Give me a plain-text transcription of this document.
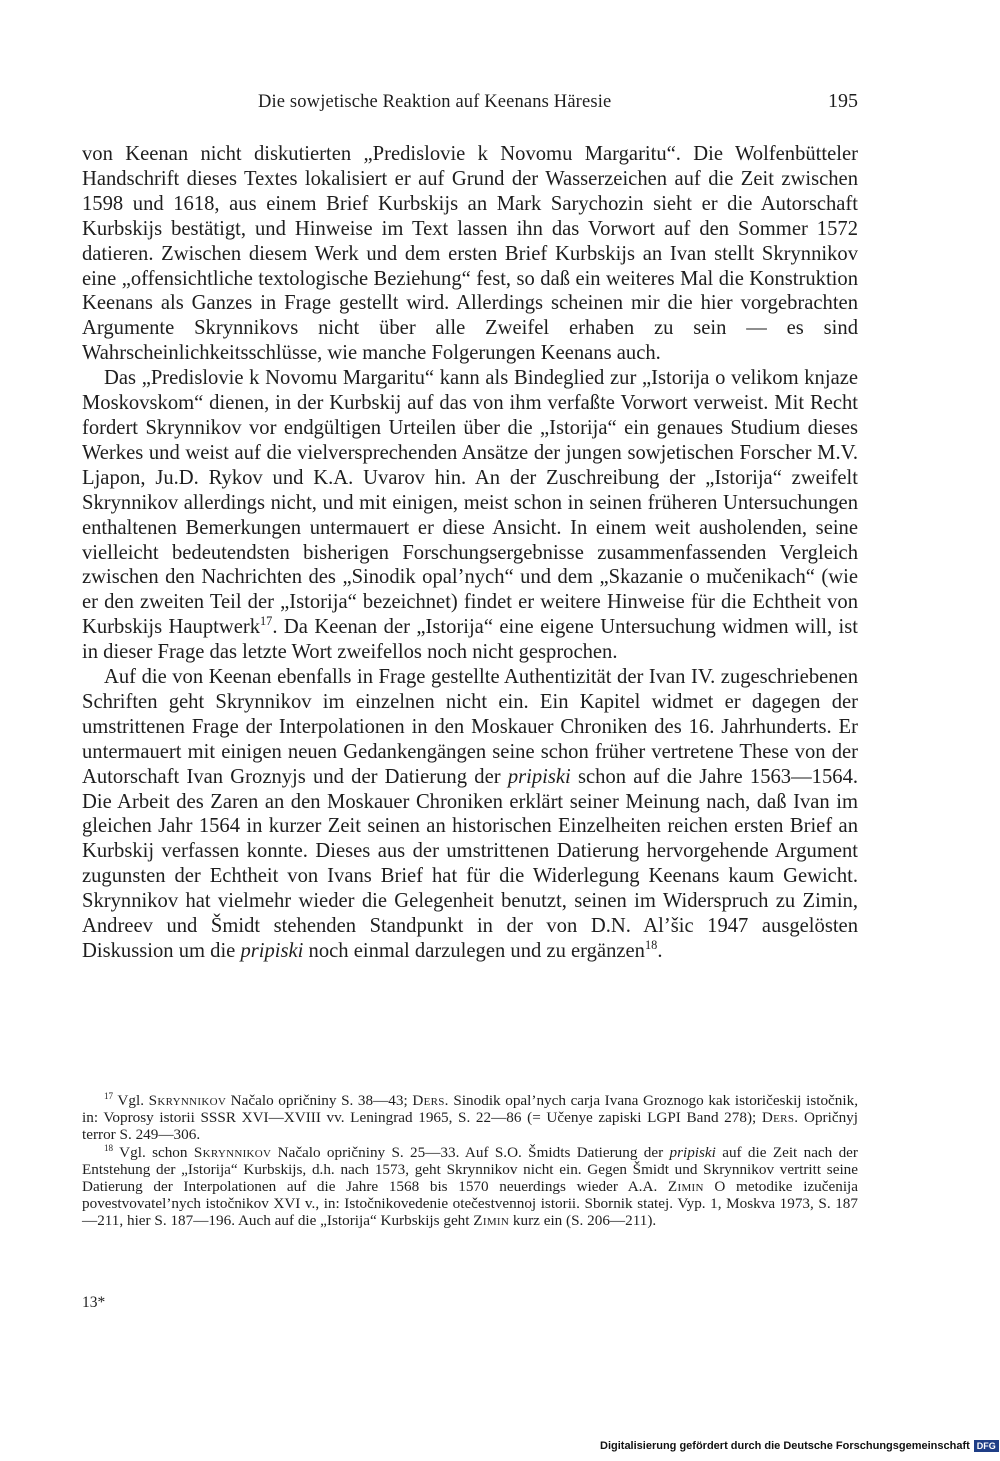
Die sowjetische Reaktion auf Keenans Häresie	195

von Keenan nicht diskutierten „Predislovie k Novomu Margaritu“. Die Wolfenbütteler Handschrift dieses Textes lokalisiert er auf Grund der Wasserzeichen auf die Zeit zwischen 1598 und 1618, aus einem Brief Kurbskijs an Mark Sarychozin sieht er die Autorschaft Kurbskijs bestätigt, und Hinweise im Text lassen ihn das Vorwort auf den Sommer 1572 datieren. Zwischen diesem Werk und dem ersten Brief Kurbskijs an Ivan stellt Skrynnikov eine „offensichtliche textologische Beziehung“ fest, so daß ein weiteres Mal die Konstruktion Keenans als Ganzes in Frage gestellt wird. Allerdings scheinen mir die hier vorgebrachten Argumente Skrynnikovs nicht über alle Zweifel erhaben zu sein — es sind Wahrscheinlichkeitsschlüsse, wie manche Folgerungen Keenans auch.

Das „Predislovie k Novomu Margaritu“ kann als Bindeglied zur „Istorija o velikom knjaze Moskovskom“ dienen, in der Kurbskij auf das von ihm verfaßte Vorwort verweist. Mit Recht fordert Skrynnikov vor endgültigen Urteilen über die „Istorija“ ein genaues Studium dieses Werkes und weist auf die vielversprechenden Ansätze der jungen sowjetischen Forscher M.V. Ljapon, Ju.D. Rykov und K.A. Uvarov hin. An der Zuschreibung der „Istorija“ zweifelt Skrynnikov allerdings nicht, und mit einigen, meist schon in seinen früheren Untersuchungen enthaltenen Bemerkungen untermauert er diese Ansicht. In einem weit ausholenden, seine vielleicht bedeutendsten bisherigen Forschungsergebnisse zusammenfassenden Vergleich zwischen den Nachrichten des „Sinodik opal’nych“ und dem „Skazanie o mučenikach“ (wie er den zweiten Teil der „Istorija“ bezeichnet) findet er weitere Hinweise für die Echtheit von Kurbskijs Hauptwerk$^{17}$. Da Keenan der „Istorija“ eine eigene Untersuchung widmen will, ist in dieser Frage das letzte Wort zweifellos noch nicht gesprochen.

Auf die von Keenan ebenfalls in Frage gestellte Authentizität der Ivan IV. zugeschriebenen Schriften geht Skrynnikov im einzelnen nicht ein. Ein Kapitel widmet er dagegen der umstrittenen Frage der Interpolationen in den Moskauer Chroniken des 16. Jahrhunderts. Er untermauert mit einigen neuen Gedankengängen seine schon früher vertretene These von der Autorschaft Ivan Groznyjs und der Datierung der pripiski schon auf die Jahre 1563—1564. Die Arbeit des Zaren an den Moskauer Chroniken erklärt seiner Meinung nach, daß Ivan im gleichen Jahr 1564 in kurzer Zeit seinen an historischen Einzelheiten reichen ersten Brief an Kurbskij verfassen konnte. Dieses aus der umstrittenen Datierung hervorgehende Argument zugunsten der Echtheit von Ivans Brief hat für die Widerlegung Keenans kaum Gewicht. Skrynnikov hat vielmehr wieder die Gelegenheit benutzt, seinen im Widerspruch zu Zimin, Andreev und Šmidt stehenden Standpunkt in der von D.N. Al’šic 1947 ausgelösten Diskussion um die pripiski noch einmal darzulegen und zu ergänzen$^{18}$.

$^{17}$ Vgl. Skrynnikov Načalo opričniny S. 38—43; Ders. Sinodik opal’nych carja Ivana Groznogo kak istoričeskij istočnik, in: Voprosy istorii SSSR XVI—XVIII vv. Leningrad 1965, S. 22—86 (= Učenye zapiski LGPI Band 278); Ders. Opričnyj terror S. 249—306.

$^{18}$ Vgl. schon Skrynnikov Načalo opričniny S. 25—33. Auf S.O. Šmidts Datierung der pripiski auf die Zeit nach der Entstehung der „Istorija“ Kurbskijs, d.h. nach 1573, geht Skrynnikov nicht ein. Gegen Šmidt und Skrynnikov vertritt seine Datierung der Interpolationen auf die Jahre 1568 bis 1570 neuerdings wieder A.A. Zimin O metodike izučenija povestvovatel’nych istočnikov XVI v., in: Istočnikovedenie otečestvennoj istorii. Sbornik statej. Vyp. 1, Moskva 1973, S. 187—211, hier S. 187—196. Auch auf die „Istorija“ Kurbskijs geht Zimin kurz ein (S. 206—211).

13*
Digitalisierung gefördert durch die Deutsche Forschungsgemeinschaft DFG
